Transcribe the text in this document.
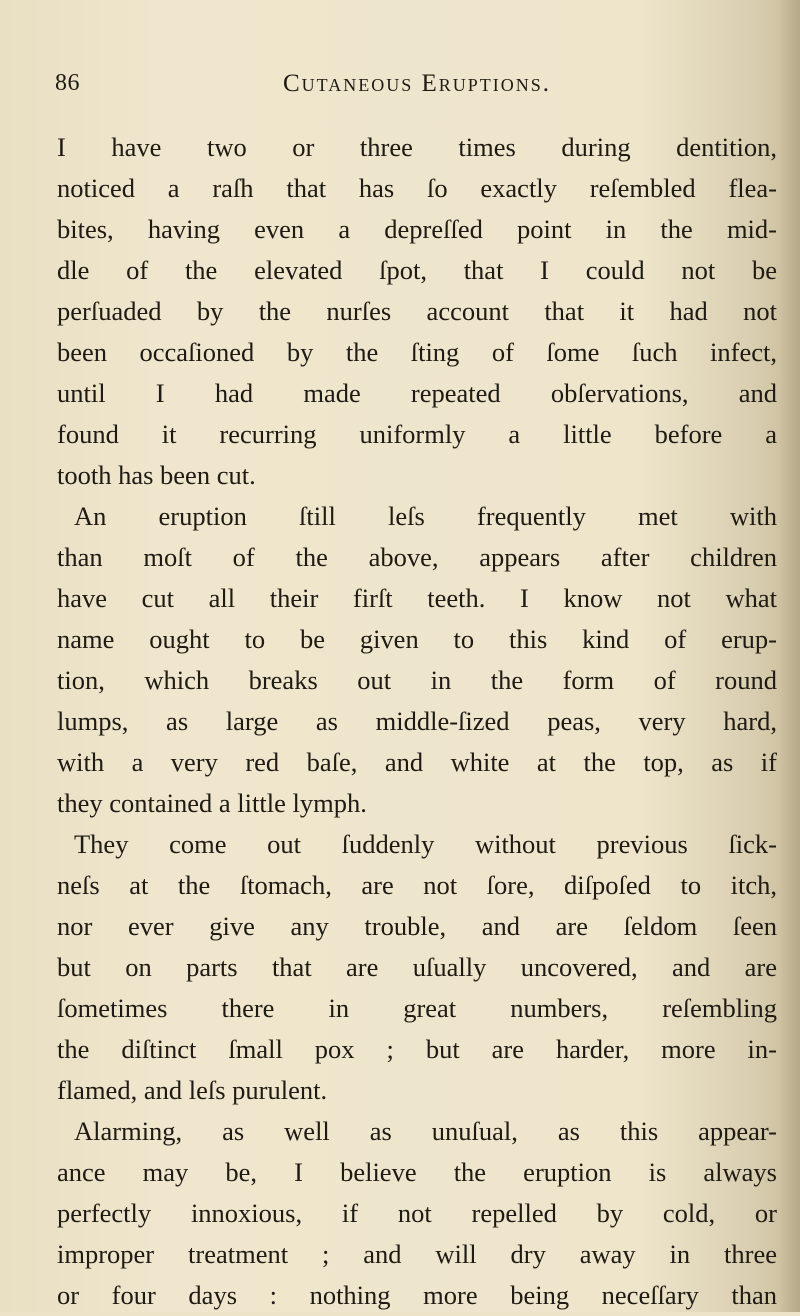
86	Cutaneous Eruptions.
I have two or three times during dentition,
noticed a raſh that has ſo exactly reſembled flea-
bites, having even a depreſſed point in the mid-
dle of the elevated ſpot, that I could not be
perſuaded by the nurſes account that it had not
been occaſioned by the ſting of ſome ſuch infect,
until I had made repeated obſervations, and
found it recurring uniformly a little before a
tooth has been cut.
An eruption ſtill leſs frequently met with
than moſt of the above, appears after children
have cut all their firſt teeth. I know not what
name ought to be given to this kind of erup-
tion, which breaks out in the form of round
lumps, as large as middle-ſized peas, very hard,
with a very red baſe, and white at the top, as if
they contained a little lymph.
They come out ſuddenly without previous ſick-
neſs at the ſtomach, are not ſore, diſpoſed to itch,
nor ever give any trouble, and are ſeldom ſeen
but on parts that are uſually uncovered, and are
ſometimes there in great numbers, reſembling
the diſtinct ſmall pox ; but are harder, more in-
flamed, and leſs purulent.
Alarming, as well as unuſual, as this appear-
ance may be, I believe the eruption is always
perfectly innoxious, if not repelled by cold, or
improper treatment ; and will dry away in three
or four days : nothing more being neceſſary than
